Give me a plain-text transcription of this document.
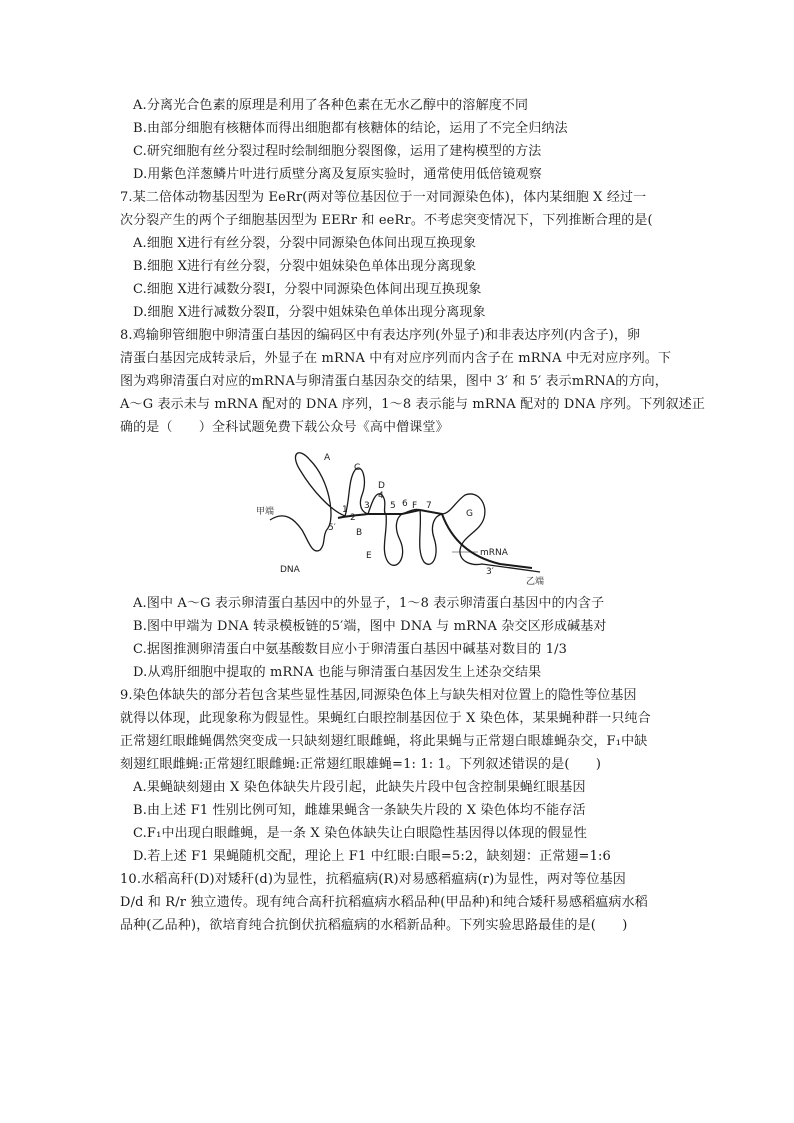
A.分离光合色素的原理是利用了各种色素在无水乙醇中的溶解度不同
B.由部分细胞有核糖体而得出细胞都有核糖体的结论，运用了不完全归纳法
C.研究细胞有丝分裂过程时绘制细胞分裂图像，运用了建构模型的方法
D.用紫色洋葱鳞片叶进行质壁分离及复原实验时，通常使用低倍镜观察
7.某二倍体动物基因型为 EeRr(两对等位基因位于一对同源染色体)，体内某细胞 X 经过一
次分裂产生的两个子细胞基因型为 EERr 和 eeRr。不考虑突变情况下，下列推断合理的是(
A.细胞 X进行有丝分裂，分裂中同源染色体间出现互换现象
B.细胞 X进行有丝分裂，分裂中姐妹染色单体出现分离现象
C.细胞 X进行减数分裂Ⅰ，分裂中同源染色体间出现互换现象
D.细胞 X进行减数分裂Ⅱ，分裂中姐妹染色单体出现分离现象
8.鸡输卵管细胞中卵清蛋白基因的编码区中有表达序列(外显子)和非表达序列(内含子)，卵
清蛋白基因完成转录后，外显子在 mRNA 中有对应序列而内含子在 mRNA 中无对应序列。下
图为鸡卵清蛋白对应的mRNA与卵清蛋白基因杂交的结果，图中 3′ 和 5′ 表示mRNA的方向，
A～G 表示未与 mRNA 配对的 DNA 序列，1～8 表示能与 mRNA 配对的 DNA 序列。下列叙述正
确的是（　　）全科试题免费下载公众号《高中僧课堂》
A
C
D
B
E
F
G
1
2
3
4
5 6 7
5′
3′
mRNA
甲端
乙端
DNA
A.图中 A～G 表示卵清蛋白基因中的外显子，1～8 表示卵清蛋白基因中的内含子
B.图中甲端为 DNA 转录模板链的5′端，图中 DNA 与 mRNA 杂交区形成碱基对
C.据图推测卵清蛋白中氨基酸数目应小于卵清蛋白基因中碱基对数目的 1/3
D.从鸡肝细胞中提取的 mRNA 也能与卵清蛋白基因发生上述杂交结果
9.染色体缺失的部分若包含某些显性基因,同源染色体上与缺失相对位置上的隐性等位基因
就得以体现，此现象称为假显性。果蝇红白眼控制基因位于 X 染色体，某果蝇种群一只纯合
正常翅红眼雌蝇偶然突变成一只缺刻翅红眼雌蝇，将此果蝇与正常翅白眼雄蝇杂交，F₁中缺
刻翅红眼雌蝇:正常翅红眼雌蝇:正常翅红眼雄蝇=1: 1: 1。下列叙述错误的是(　　)
A.果蝇缺刻翅由 X 染色体缺失片段引起，此缺失片段中包含控制果蝇红眼基因
B.由上述 F1 性别比例可知，雌雄果蝇含一条缺失片段的 X 染色体均不能存活
C.F₁中出现白眼雌蝇，是一条 X 染色体缺失让白眼隐性基因得以体现的假显性
D.若上述 F1 果蝇随机交配，理论上 F1 中红眼:白眼=5:2，缺刻翅：正常翅=1:6
10.水稻高秆(D)对矮秆(d)为显性，抗稻瘟病(R)对易感稻瘟病(r)为显性，两对等位基因
D/d 和 R/r 独立遗传。现有纯合高秆抗稻瘟病水稻品种(甲品种)和纯合矮秆易感稻瘟病水稻
品种(乙品种)，欲培育纯合抗倒伏抗稻瘟病的水稻新品种。下列实验思路最佳的是(　　)
